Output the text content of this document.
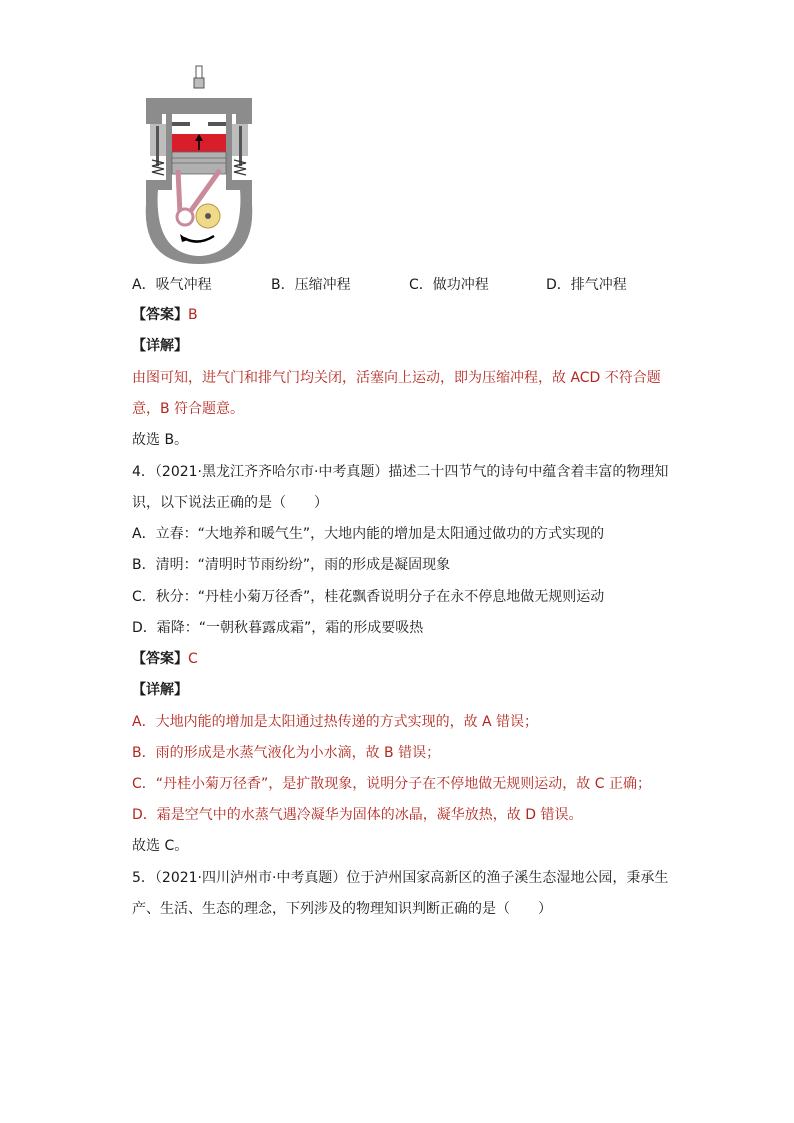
A．吸气冲程	B．压缩冲程	C．做功冲程	D．排气冲程
【答案】B
【详解】
由图可知，进气门和排气门均关闭，活塞向上运动，即为压缩冲程，故 ACD 不符合题
意，B 符合题意。
故选 B。
4．（2021·黑龙江齐齐哈尔市·中考真题）描述二十四节气的诗句中蕴含着丰富的物理知
识，以下说法正确的是（　　）
A．立春：“大地养和暖气生”，大地内能的增加是太阳通过做功的方式实现的
B．清明：“清明时节雨纷纷”，雨的形成是凝固现象
C．秋分：“丹桂小菊万径香”，桂花飘香说明分子在永不停息地做无规则运动
D．霜降：“一朝秋暮露成霜”，霜的形成要吸热
【答案】C
【详解】
A．大地内能的增加是太阳通过热传递的方式实现的，故 A 错误；
B．雨的形成是水蒸气液化为小水滴，故 B 错误；
C．“丹桂小菊万径香”，是扩散现象，说明分子在不停地做无规则运动，故 C 正确；
D．霜是空气中的水蒸气遇冷凝华为固体的冰晶，凝华放热，故 D 错误。
故选 C。
5．（2021·四川泸州市·中考真题）位于泸州国家高新区的渔子溪生态湿地公园，秉承生
产、生活、生态的理念，下列涉及的物理知识判断正确的是（　　）
